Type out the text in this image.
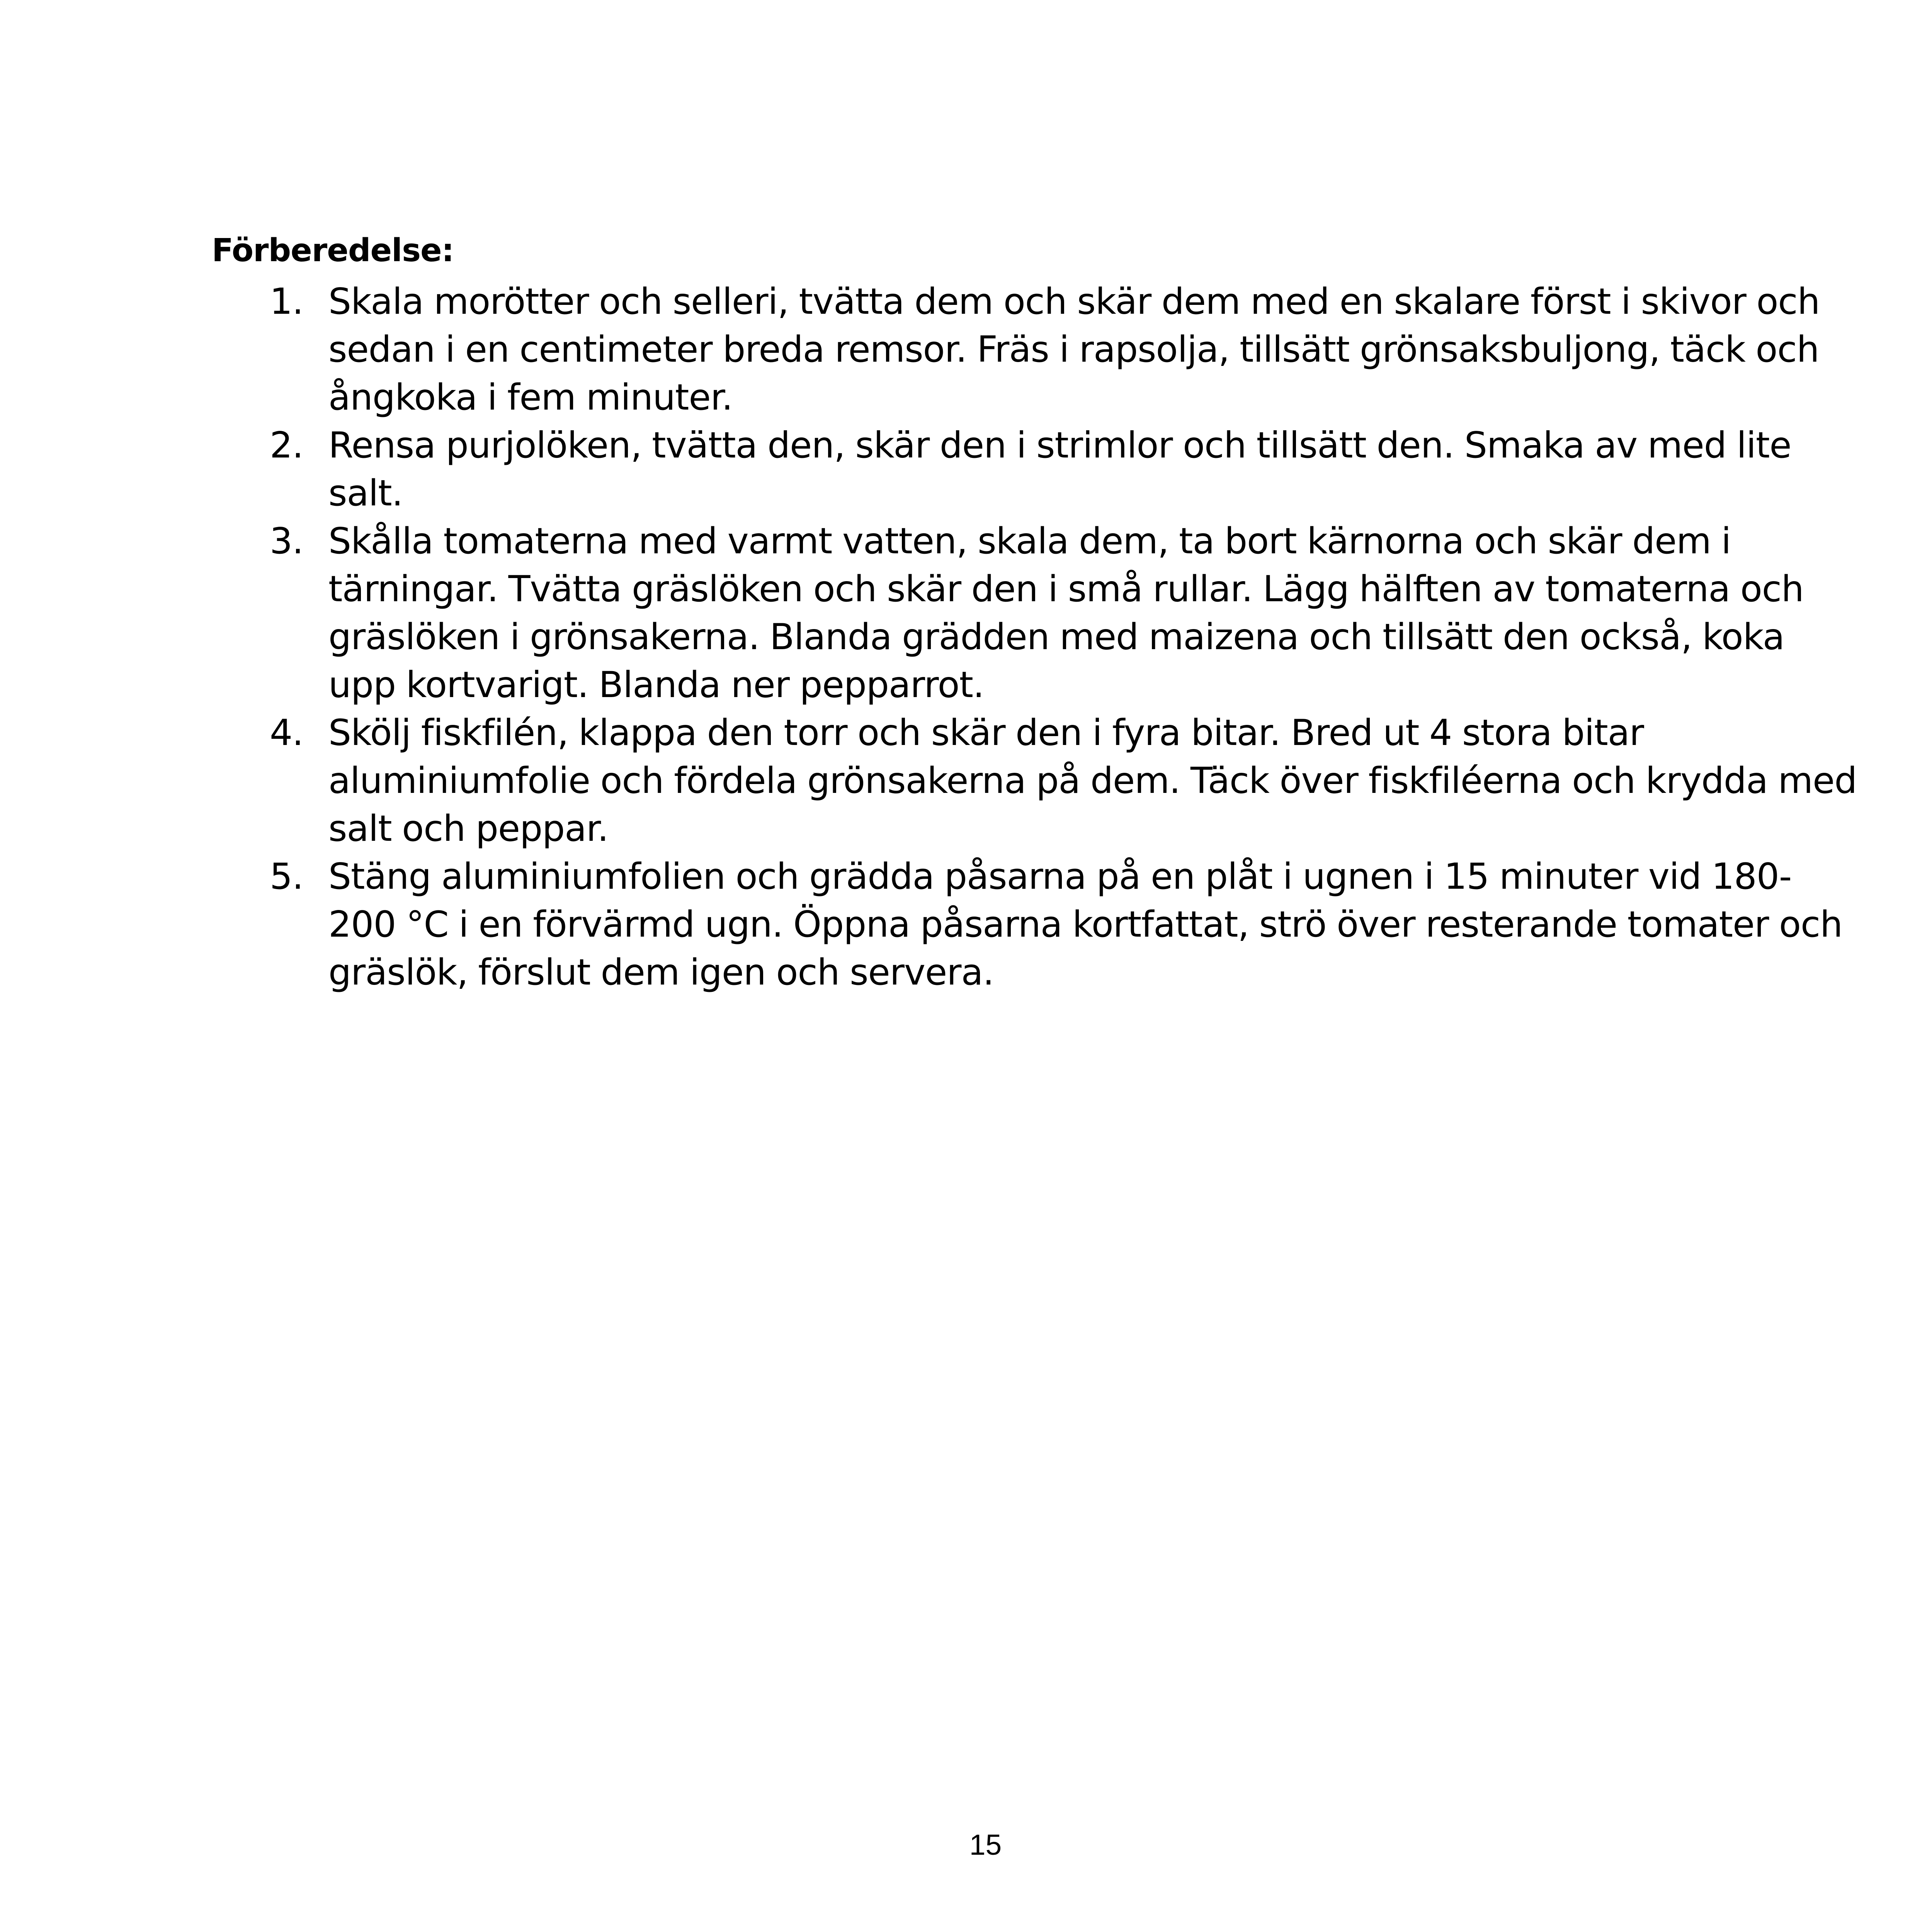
Förberedelse:
1. Skala morötter och selleri, tvätta dem och skär dem med en skalare först i skivor och sedan i en centimeter breda remsor. Fräs i rapsolja, tillsätt grönsaksbuljong, täck och ångkoka i fem minuter.
2. Rensa purjolöken, tvätta den, skär den i strimlor och tillsätt den. Smaka av med lite salt.
3. Skålla tomaterna med varmt vatten, skala dem, ta bort kärnorna och skär dem i tärningar. Tvätta gräslöken och skär den i små rullar. Lägg hälften av tomaterna och gräslöken i grönsakerna. Blanda grädden med maizena och tillsätt den också, koka upp kortvarigt. Blanda ner pepparrot.
4. Skölj fiskfilén, klappa den torr och skär den i fyra bitar. Bred ut 4 stora bitar aluminiumfolie och fördela grönsakerna på dem. Täck över fiskfiléerna och krydda med salt och peppar.
5. Stäng aluminiumfolien och grädda påsarna på en plåt i ugnen i 15 minuter vid 180-200 °C i en förvärmd ugn. Öppna påsarna kortfattat, strö över resterande tomater och gräslök, förslut dem igen och servera.

15
